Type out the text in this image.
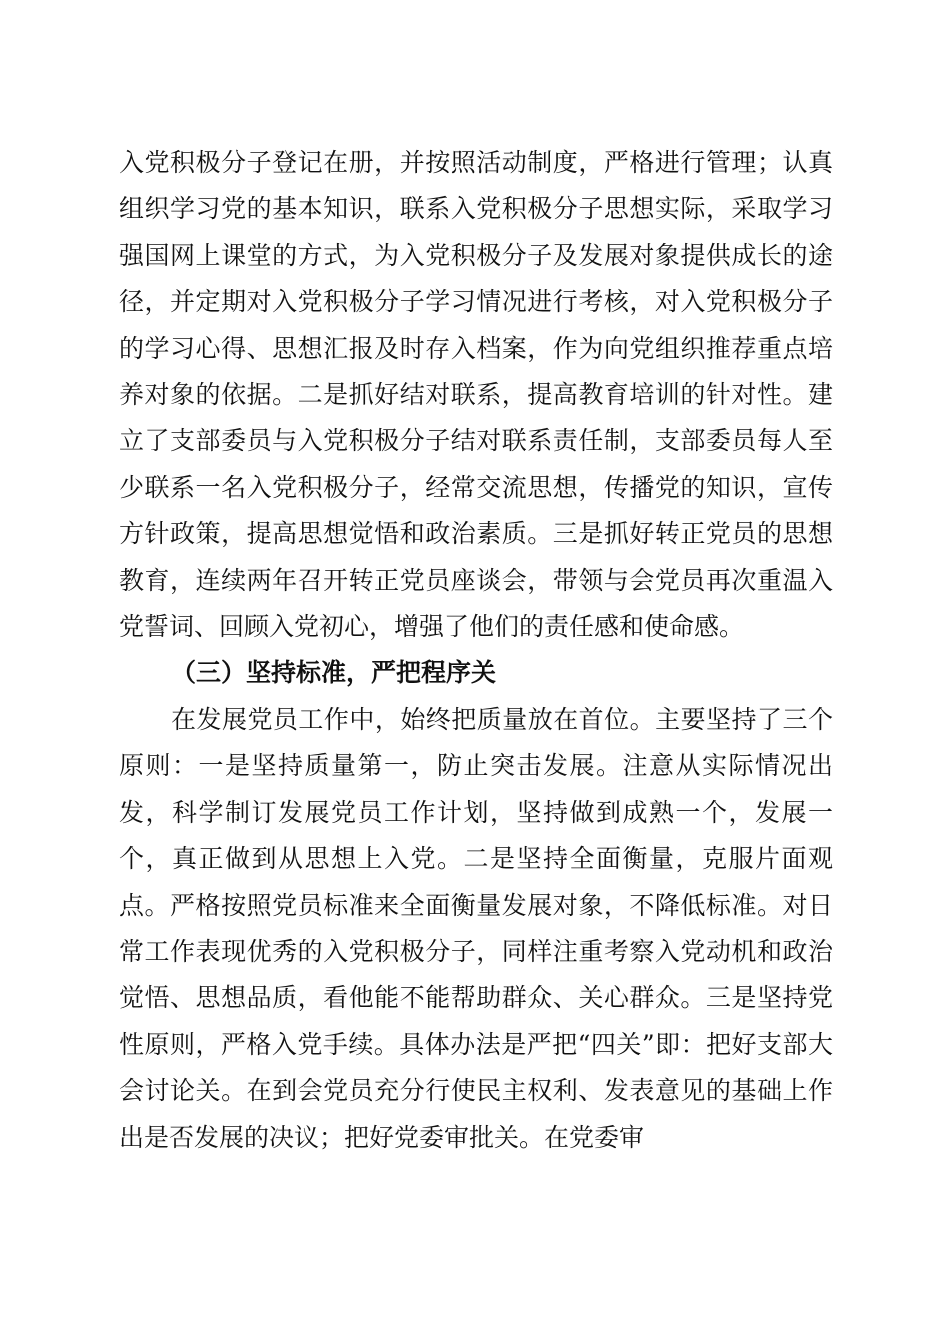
入党积极分子登记在册，并按照活动制度，严格进行管理；认真组织学习党的基本知识，联系入党积极分子思想实际，采取学习强国网上课堂的方式，为入党积极分子及发展对象提供成长的途径，并定期对入党积极分子学习情况进行考核，对入党积极分子的学习心得、思想汇报及时存入档案，作为向党组织推荐重点培养对象的依据。二是抓好结对联系，提高教育培训的针对性。建立了支部委员与入党积极分子结对联系责任制，支部委员每人至少联系一名入党积极分子，经常交流思想，传播党的知识，宣传方针政策，提高思想觉悟和政治素质。三是抓好转正党员的思想教育，连续两年召开转正党员座谈会，带领与会党员再次重温入党誓词、回顾入党初心，增强了他们的责任感和使命感。

（三）坚持标准，严把程序关

在发展党员工作中，始终把质量放在首位。主要坚持了三个原则：一是坚持质量第一，防止突击发展。注意从实际情况出发，科学制订发展党员工作计划，坚持做到成熟一个，发展一个，真正做到从思想上入党。二是坚持全面衡量，克服片面观点。严格按照党员标准来全面衡量发展对象，不降低标准。对日常工作表现优秀的入党积极分子，同样注重考察入党动机和政治觉悟、思想品质，看他能不能帮助群众、关心群众。三是坚持党性原则，严格入党手续。具体办法是严把“四关”即：把好支部大会讨论关。在到会党员充分行使民主权利、发表意见的基础上作出是否发展的决议；把好党委审批关。在党委审
